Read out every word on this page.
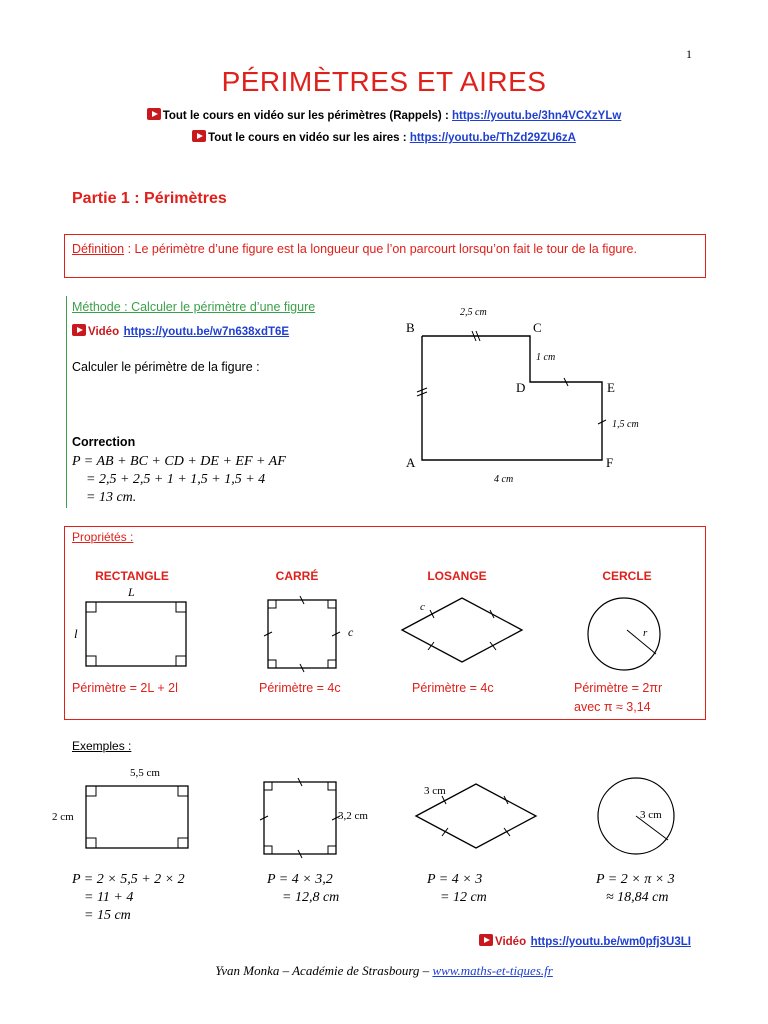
1
PÉRIMÈTRES ET AIRES
Tout le cours en vidéo sur les périmètres (Rappels) : https://youtu.be/3hn4VCXzYLw
Tout le cours en vidéo sur les aires : https://youtu.be/ThZd29ZU6zA
Partie 1 : Périmètres
Définition : Le périmètre d’une figure est la longueur que l’on parcourt lorsqu’on fait le tour de la figure.
Méthode : Calculer le périmètre d’une figure
Vidéo https://youtu.be/w7n638xdT6E
Calculer le périmètre de la figure :
Correction
P = AB + BC + CD + DE + EF + AF
= 2,5 + 2,5 + 1 + 1,5 + 1,5 + 4
= 13 cm.
B	C
D	E
A	F
2,5 cm
1 cm
1,5 cm
4 cm
Propriétés :
RECTANGLE	CARRÉ	LOSANGE	CERCLE
L
l	c
c
r
Périmètre = 2L + 2l	Périmètre = 4c	Périmètre = 4c	Périmètre = 2πr
avec π ≈ 3,14
Exemples :
5,5 cm
2 cm	3,2 cm
3 cm
3 cm
P = 2 × 5,5 + 2 × 2
= 11 + 4
= 15 cm
P = 4 × 3,2
= 12,8 cm
P = 4 × 3
= 12 cm
P = 2 × π × 3
≈ 18,84 cm
Vidéo https://youtu.be/wm0pfj3U3LI
Yvan Monka – Académie de Strasbourg – www.maths-et-tiques.fr
